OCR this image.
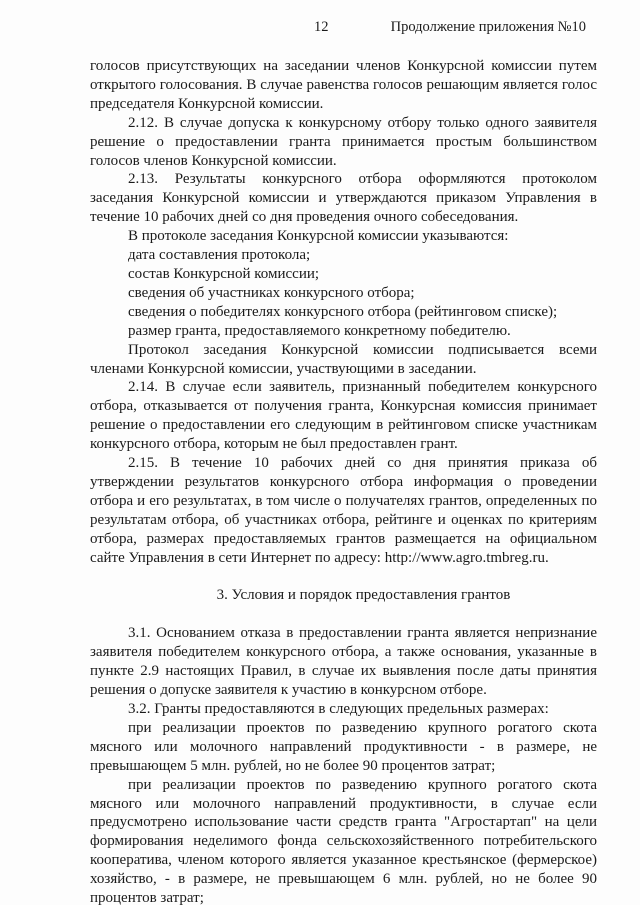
12	Продолжение приложения №10

голосов присутствующих на заседании членов Конкурсной комиссии путем открытого голосования. В случае равенства голосов решающим является голос председателя Конкурсной комиссии.

2.12. В случае допуска к конкурсному отбору только одного заявителя решение о предоставлении гранта принимается простым большинством голосов членов Конкурсной комиссии.

2.13. Результаты конкурсного отбора оформляются протоколом заседания Конкурсной комиссии и утверждаются приказом Управления в течение 10 рабочих дней со дня проведения очного собеседования.

В протоколе заседания Конкурсной комиссии указываются:

дата составления протокола;

состав Конкурсной комиссии;

сведения об участниках конкурсного отбора;

сведения о победителях конкурсного отбора (рейтинговом списке);

размер гранта, предоставляемого конкретному победителю.

Протокол заседания Конкурсной комиссии подписывается всеми членами Конкурсной комиссии, участвующими в заседании.

2.14. В случае если заявитель, признанный победителем конкурсного отбора, отказывается от получения гранта, Конкурсная комиссия принимает решение о предоставлении его следующим в рейтинговом списке участникам конкурсного отбора, которым не был предоставлен грант.

2.15. В течение 10 рабочих дней со дня принятия приказа об утверждении результатов конкурсного отбора информация о проведении отбора и его результатах, в том числе о получателях грантов, определенных по результатам отбора, об участниках отбора, рейтинге и оценках по критериям отбора, размерах предоставляемых грантов размещается на официальном сайте Управления в сети Интернет по адресу: http://www.agro.tmbreg.ru.

3. Условия и порядок предоставления грантов

3.1. Основанием отказа в предоставлении гранта является непризнание заявителя победителем конкурсного отбора, а также основания, указанные в пункте 2.9 настоящих Правил, в случае их выявления после даты принятия решения о допуске заявителя к участию в конкурсном отборе.

3.2. Гранты предоставляются в следующих предельных размерах:

при реализации проектов по разведению крупного рогатого скота мясного или молочного направлений продуктивности - в размере, не превышающем 5 млн. рублей, но не более 90 процентов затрат;

при реализации проектов по разведению крупного рогатого скота мясного или молочного направлений продуктивности, в случае если предусмотрено использование части средств гранта "Агростартап" на цели формирования неделимого фонда сельскохозяйственного потребительского кооператива, членом которого является указанное крестьянское (фермерское) хозяйство, - в размере, не превышающем 6 млн. рублей, но не более 90 процентов затрат;
